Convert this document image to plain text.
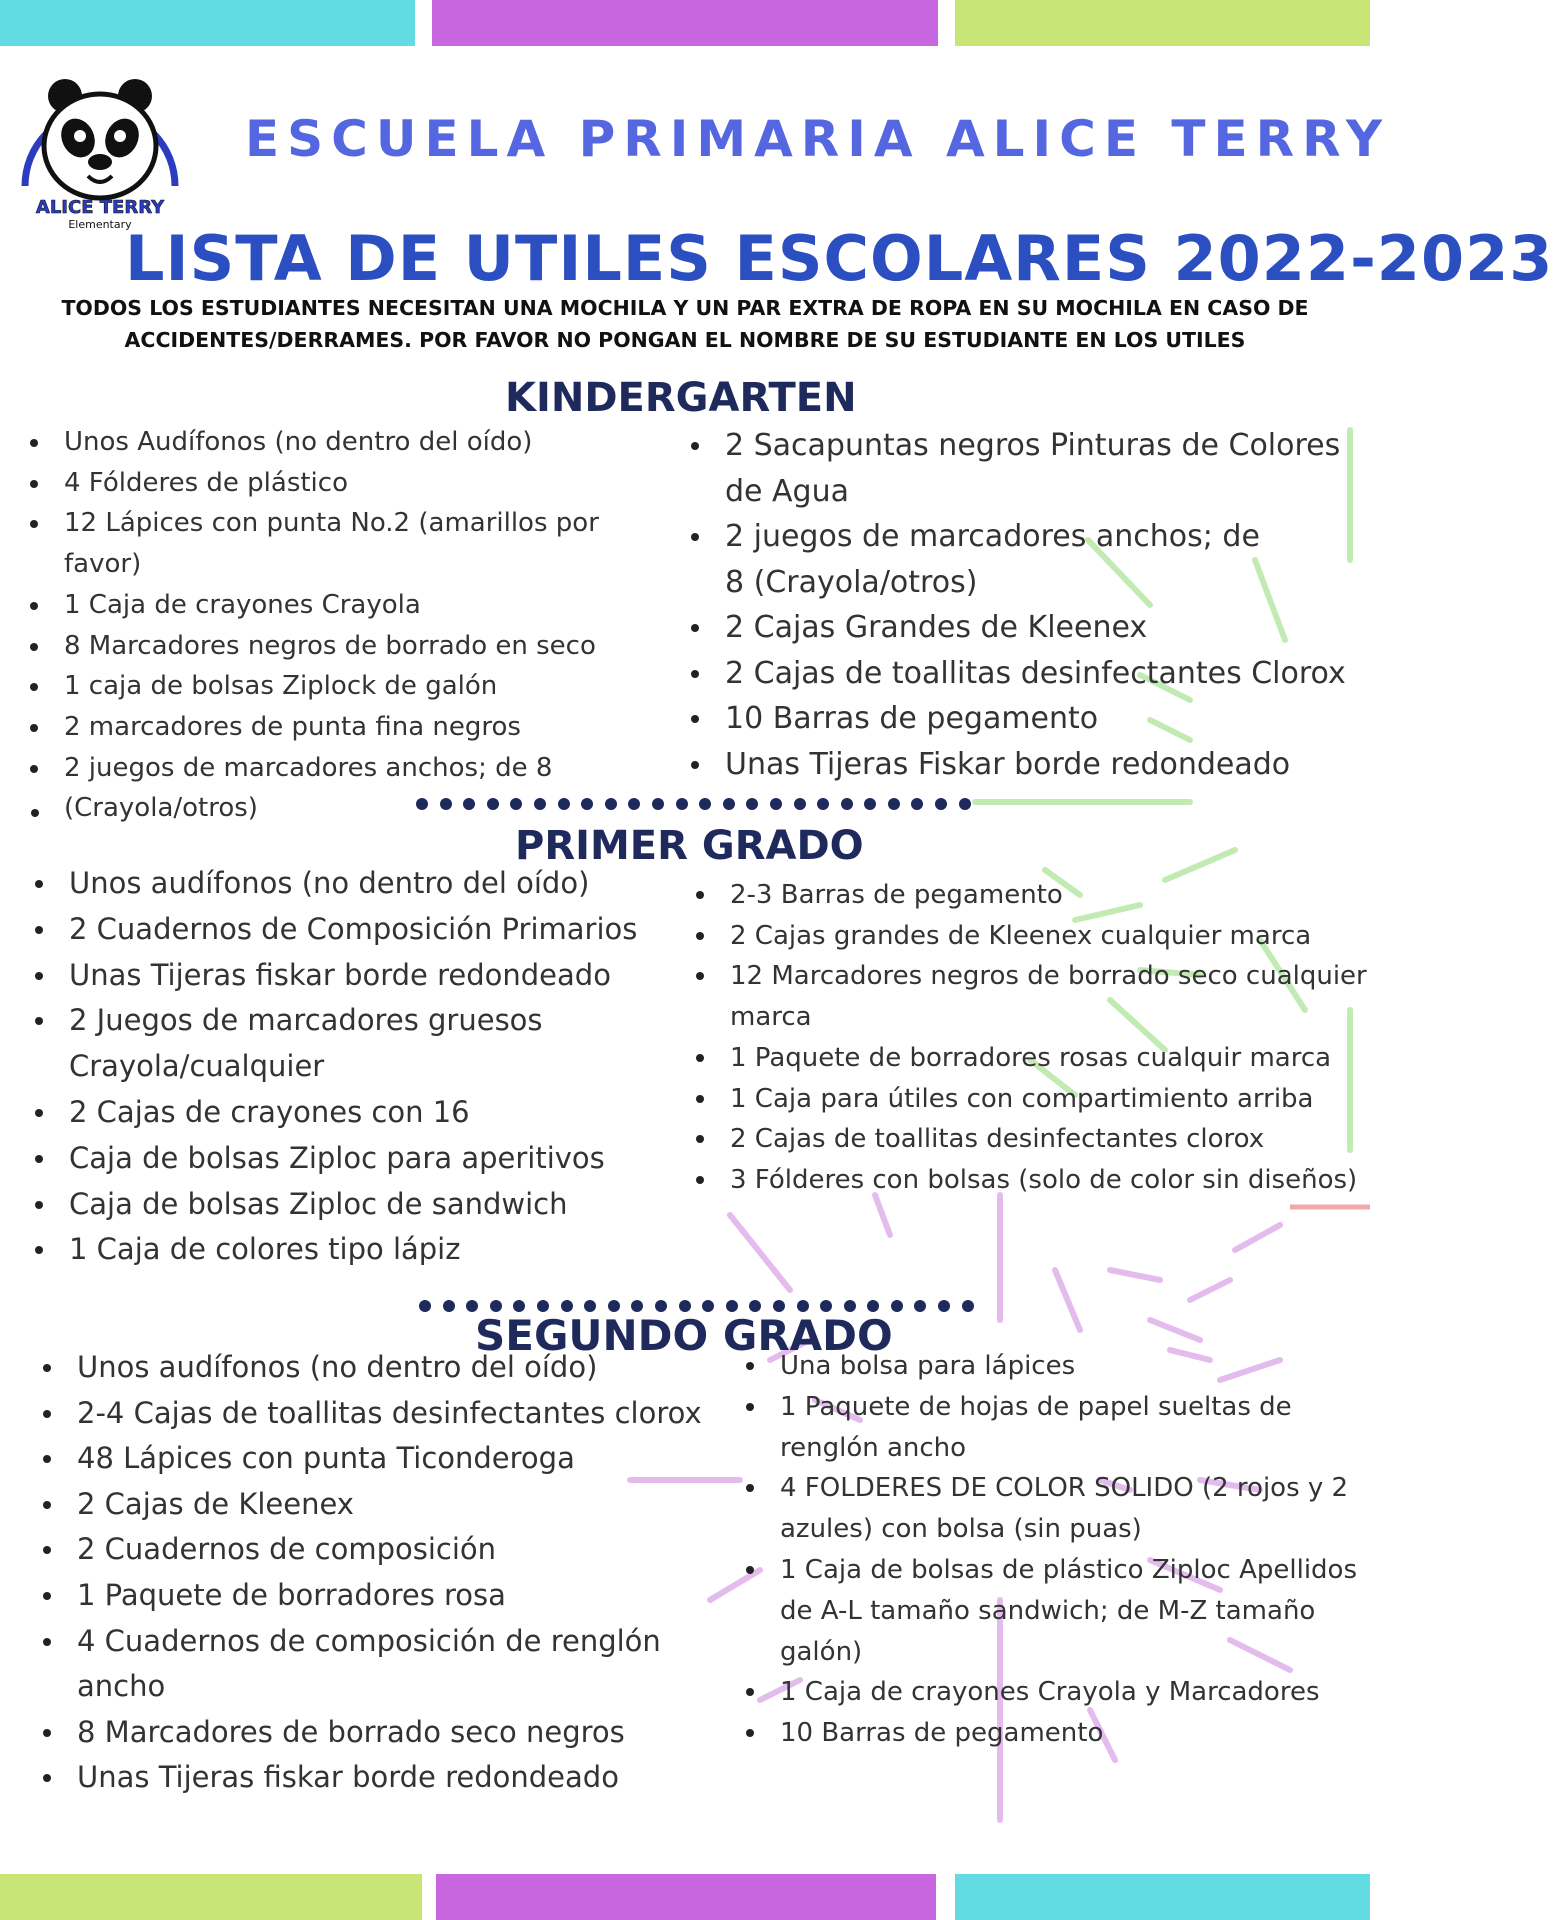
ALICE TERRY
Elementary
ESCUELA PRIMARIA ALICE TERRY
LISTA DE UTILES ESCOLARES 2022-2023
TODOS LOS ESTUDIANTES NECESITAN UNA MOCHILA Y UN PAR EXTRA DE ROPA EN SU MOCHILA EN CASO DE ACCIDENTES/DERRAMES. POR FAVOR NO PONGAN EL NOMBRE DE SU ESTUDIANTE EN LOS UTILES
KINDERGARTEN
Unos Audífonos (no dentro del oído)
4 Fólderes de plástico
12 Lápices con punta No.2 (amarillos por favor)
1 Caja de crayones Crayola
8 Marcadores negros de borrado en seco
1 caja de bolsas Ziplock de galón
2 marcadores de punta fina negros
2 juegos de marcadores anchos; de 8 (Crayola/otros)
2 Sacapuntas negros Pinturas de Colores de Agua
2 juegos de marcadores anchos; de 8 (Crayola/otros)
2 Cajas Grandes de Kleenex
2 Cajas de toallitas desinfectantes Clorox
10 Barras de pegamento
Unas Tijeras Fiskar borde redondeado
PRIMER GRADO
Unos audífonos (no dentro del oído)
2 Cuadernos de Composición Primarios
Unas Tijeras fiskar borde redondeado
2 Juegos de marcadores gruesos Crayola/cualquier
2 Cajas de crayones con 16
Caja de bolsas Ziploc para aperitivos
Caja de bolsas Ziploc de sandwich
1 Caja de colores tipo lápiz
2-3 Barras de pegamento
2 Cajas grandes de Kleenex cualquier marca
12 Marcadores negros de borrado seco cualquier marca
1 Paquete de borradores rosas cualquir marca
1 Caja para útiles con compartimiento arriba
2 Cajas de toallitas desinfectantes clorox
3 Fólderes con bolsas (solo de color sin diseños)
SEGUNDO GRADO
Unos audífonos (no dentro del oído)
2-4 Cajas de toallitas desinfectantes clorox
48 Lápices con punta Ticonderoga
2 Cajas de Kleenex
2 Cuadernos de composición
1 Paquete de borradores rosa
4 Cuadernos de composición de renglón ancho
8 Marcadores de borrado seco negros
Unas Tijeras fiskar borde redondeado
Una bolsa para lápices
1 Paquete de hojas de papel sueltas de renglón ancho
4 FOLDERES DE COLOR SOLIDO (2 rojos y 2 azules) con bolsa (sin puas)
1 Caja de bolsas de plástico Ziploc Apellidos de A-L tamaño sandwich; de M-Z tamaño galón)
1 Caja de crayones Crayola y Marcadores
10 Barras de pegamento
